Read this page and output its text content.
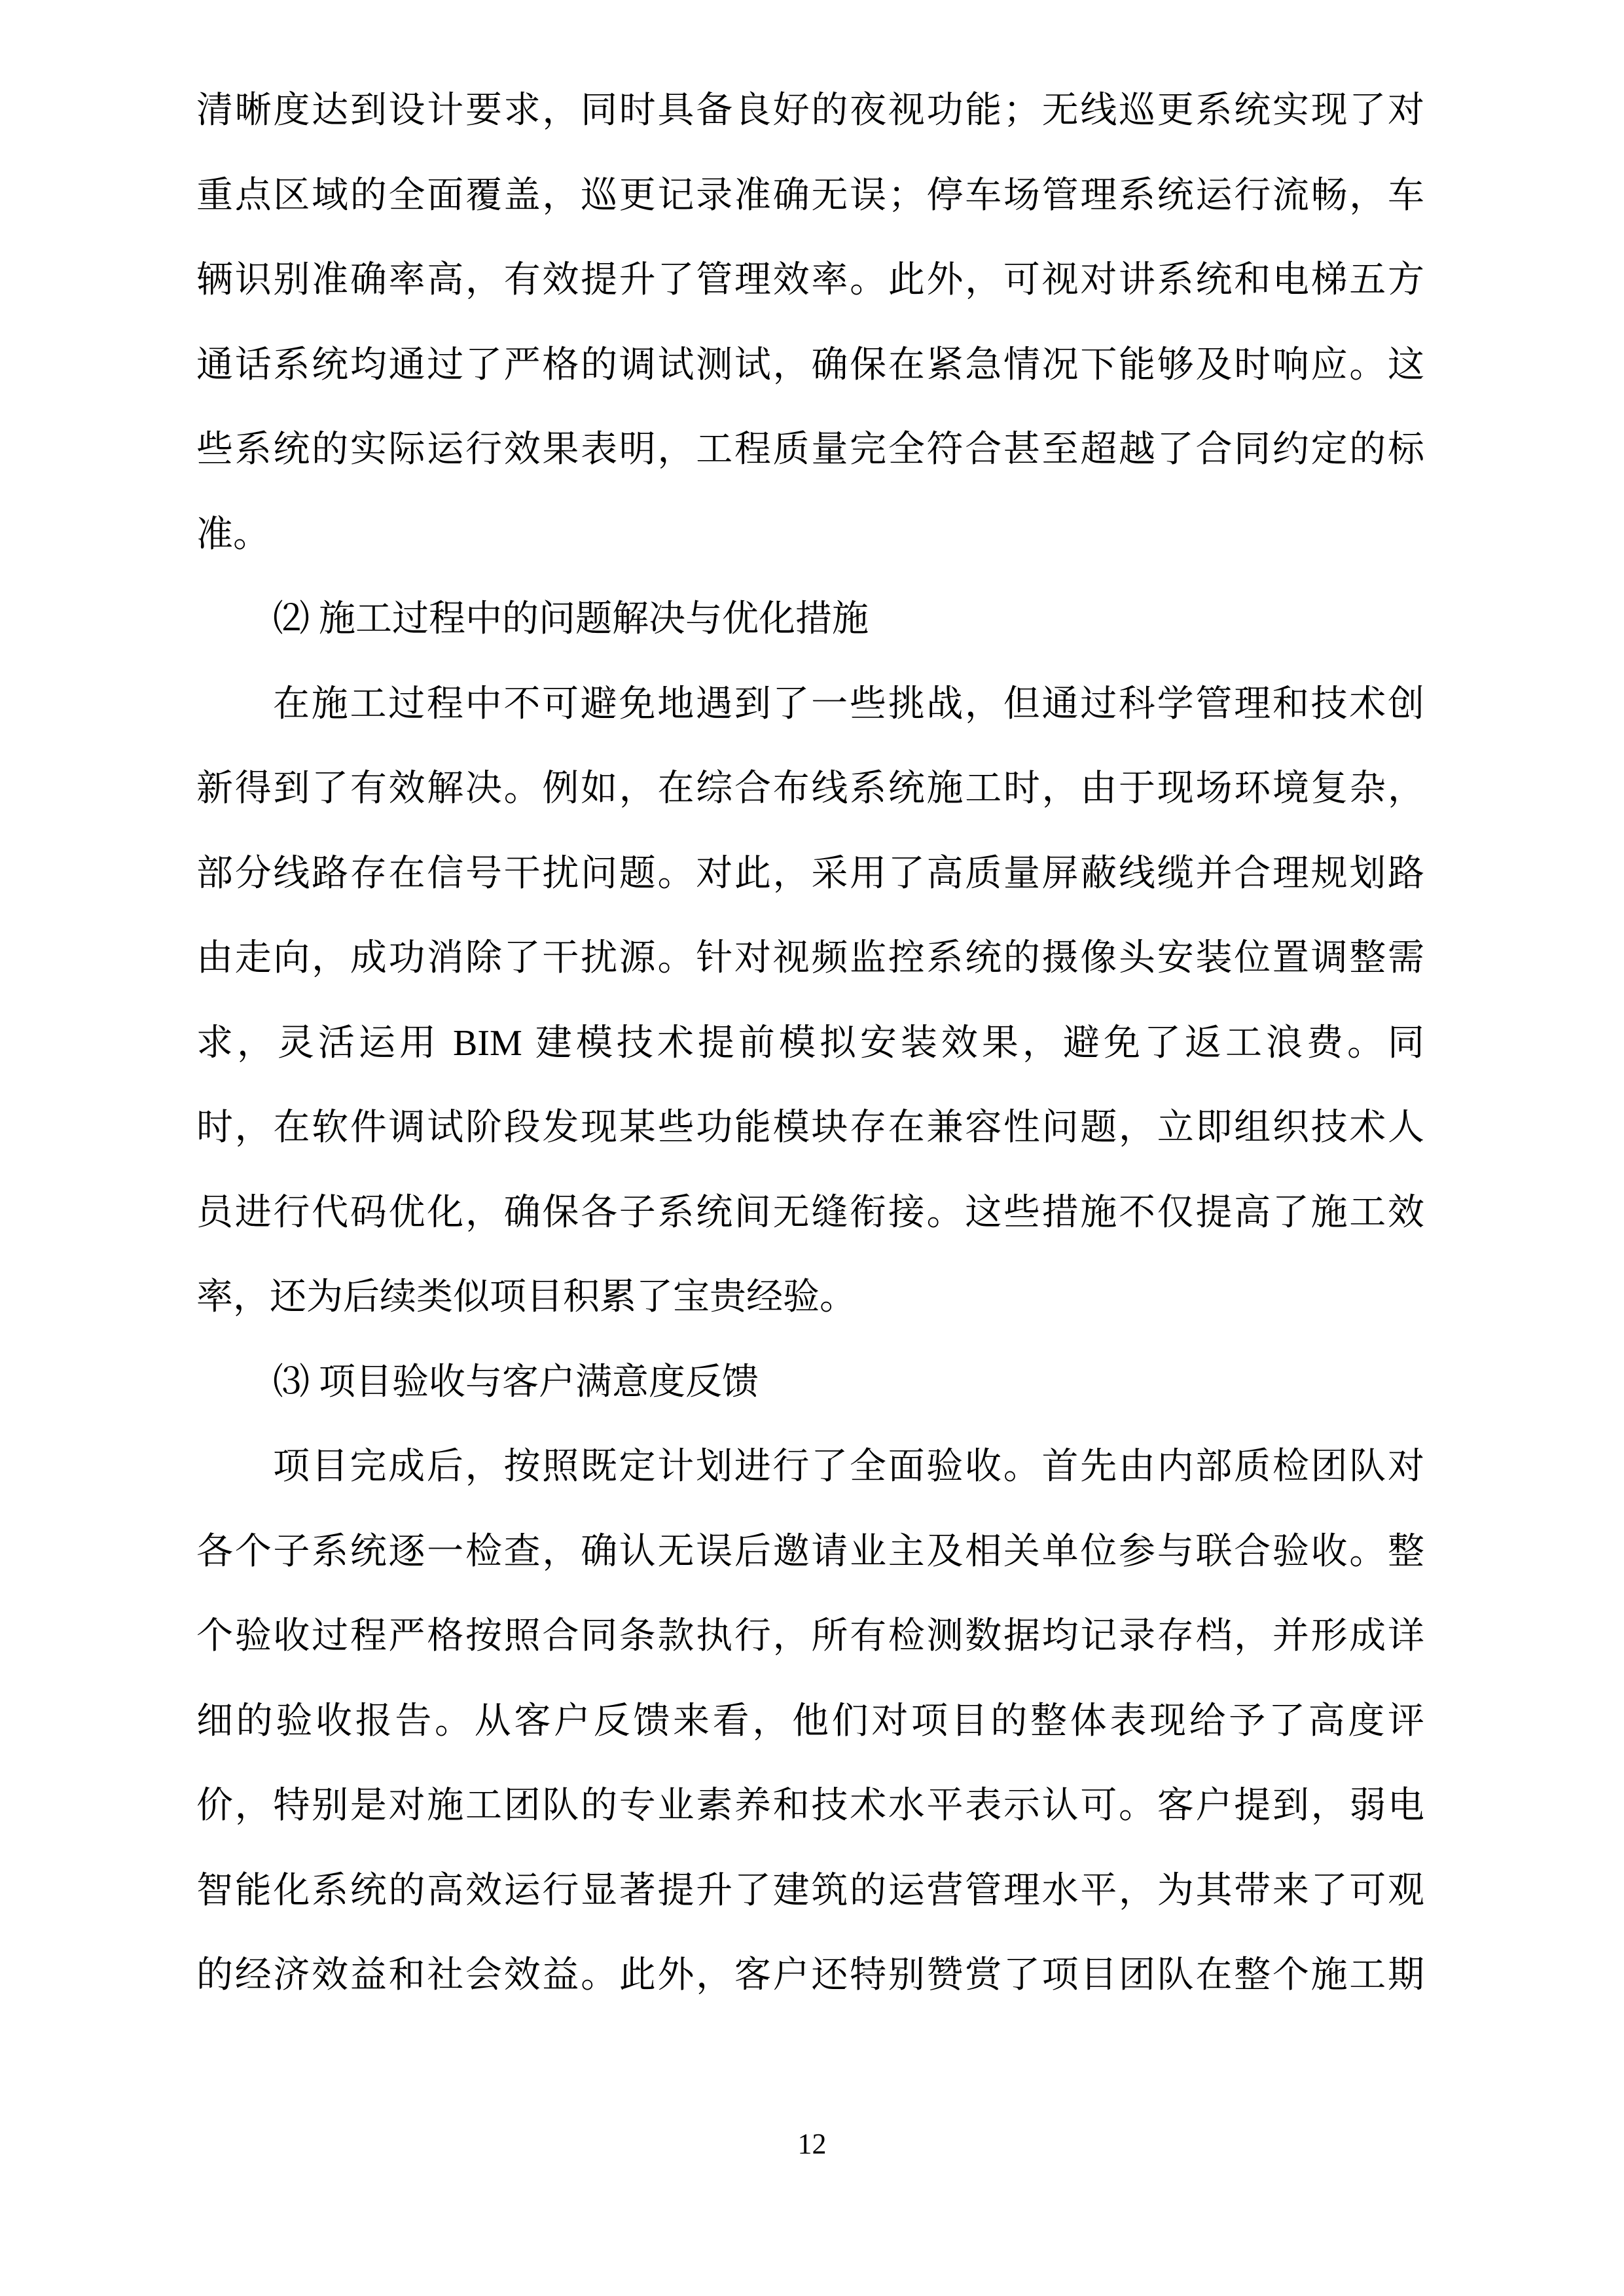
清晰度达到设计要求，同时具备良好的夜视功能；无线巡更系统实现了对
重点区域的全面覆盖，巡更记录准确无误；停车场管理系统运行流畅，车
辆识别准确率高，有效提升了管理效率。此外，可视对讲系统和电梯五方
通话系统均通过了严格的调试测试，确保在紧急情况下能够及时响应。这
些系统的实际运行效果表明，工程质量完全符合甚至超越了合同约定的标
准。
⑵ 施工过程中的问题解决与优化措施
在施工过程中不可避免地遇到了一些挑战，但通过科学管理和技术创
新得到了有效解决。例如，在综合布线系统施工时，由于现场环境复杂，
部分线路存在信号干扰问题。对此，采用了高质量屏蔽线缆并合理规划路
由走向，成功消除了干扰源。针对视频监控系统的摄像头安装位置调整需
求，灵活运用 BIM 建模技术提前模拟安装效果，避免了返工浪费。同
时，在软件调试阶段发现某些功能模块存在兼容性问题，立即组织技术人
员进行代码优化，确保各子系统间无缝衔接。这些措施不仅提高了施工效
率，还为后续类似项目积累了宝贵经验。
⑶ 项目验收与客户满意度反馈
项目完成后，按照既定计划进行了全面验收。首先由内部质检团队对
各个子系统逐一检查，确认无误后邀请业主及相关单位参与联合验收。整
个验收过程严格按照合同条款执行，所有检测数据均记录存档，并形成详
细的验收报告。从客户反馈来看，他们对项目的整体表现给予了高度评
价，特别是对施工团队的专业素养和技术水平表示认可。客户提到，弱电
智能化系统的高效运行显著提升了建筑的运营管理水平，为其带来了可观
的经济效益和社会效益。此外，客户还特别赞赏了项目团队在整个施工期
12
